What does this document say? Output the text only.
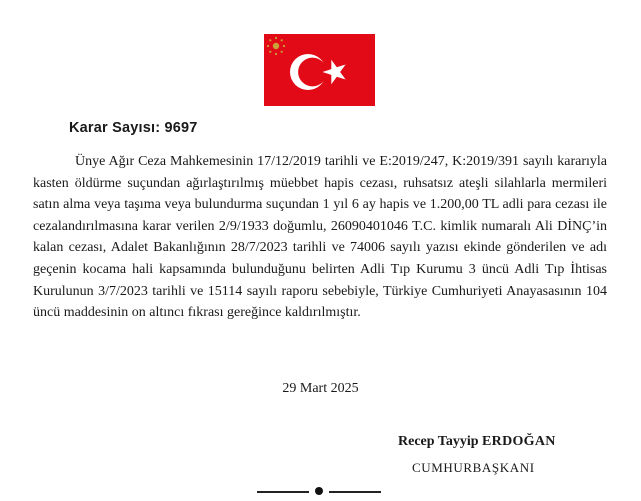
Karar Sayısı: 9697

Ünye Ağır Ceza Mahkemesinin 17/12/2019 tarihli ve E:2019/247, K:2019/391 sayılı kararıyla kasten öldürme suçundan ağırlaştırılmış müebbet hapis cezası, ruhsatsız ateşli silahlarla mermileri satın alma veya taşıma veya bulundurma suçundan 1 yıl 6 ay hapis ve 1.200,00 TL adli para cezası ile cezalandırılmasına karar verilen 2/9/1933 doğumlu, 26090401046 T.C. kimlik numaralı Ali DİNÇ’in kalan cezası, Adalet Bakanlığının 28/7/2023 tarihli ve 74006 sayılı yazısı ekinde gönderilen ve adı geçenin kocama hali kapsamında bulunduğunu belirten Adli Tıp Kurumu 3 üncü Adli Tıp İhtisas Kurulunun 3/7/2023 tarihli ve 15114 sayılı raporu sebebiyle, Türkiye Cumhuriyeti Anayasasının 104 üncü maddesinin on altıncı fıkrası gereğince kaldırılmıştır.

29 Mart 2025
Recep Tayyip ERDOĞAN
CUMHURBAŞKANI
